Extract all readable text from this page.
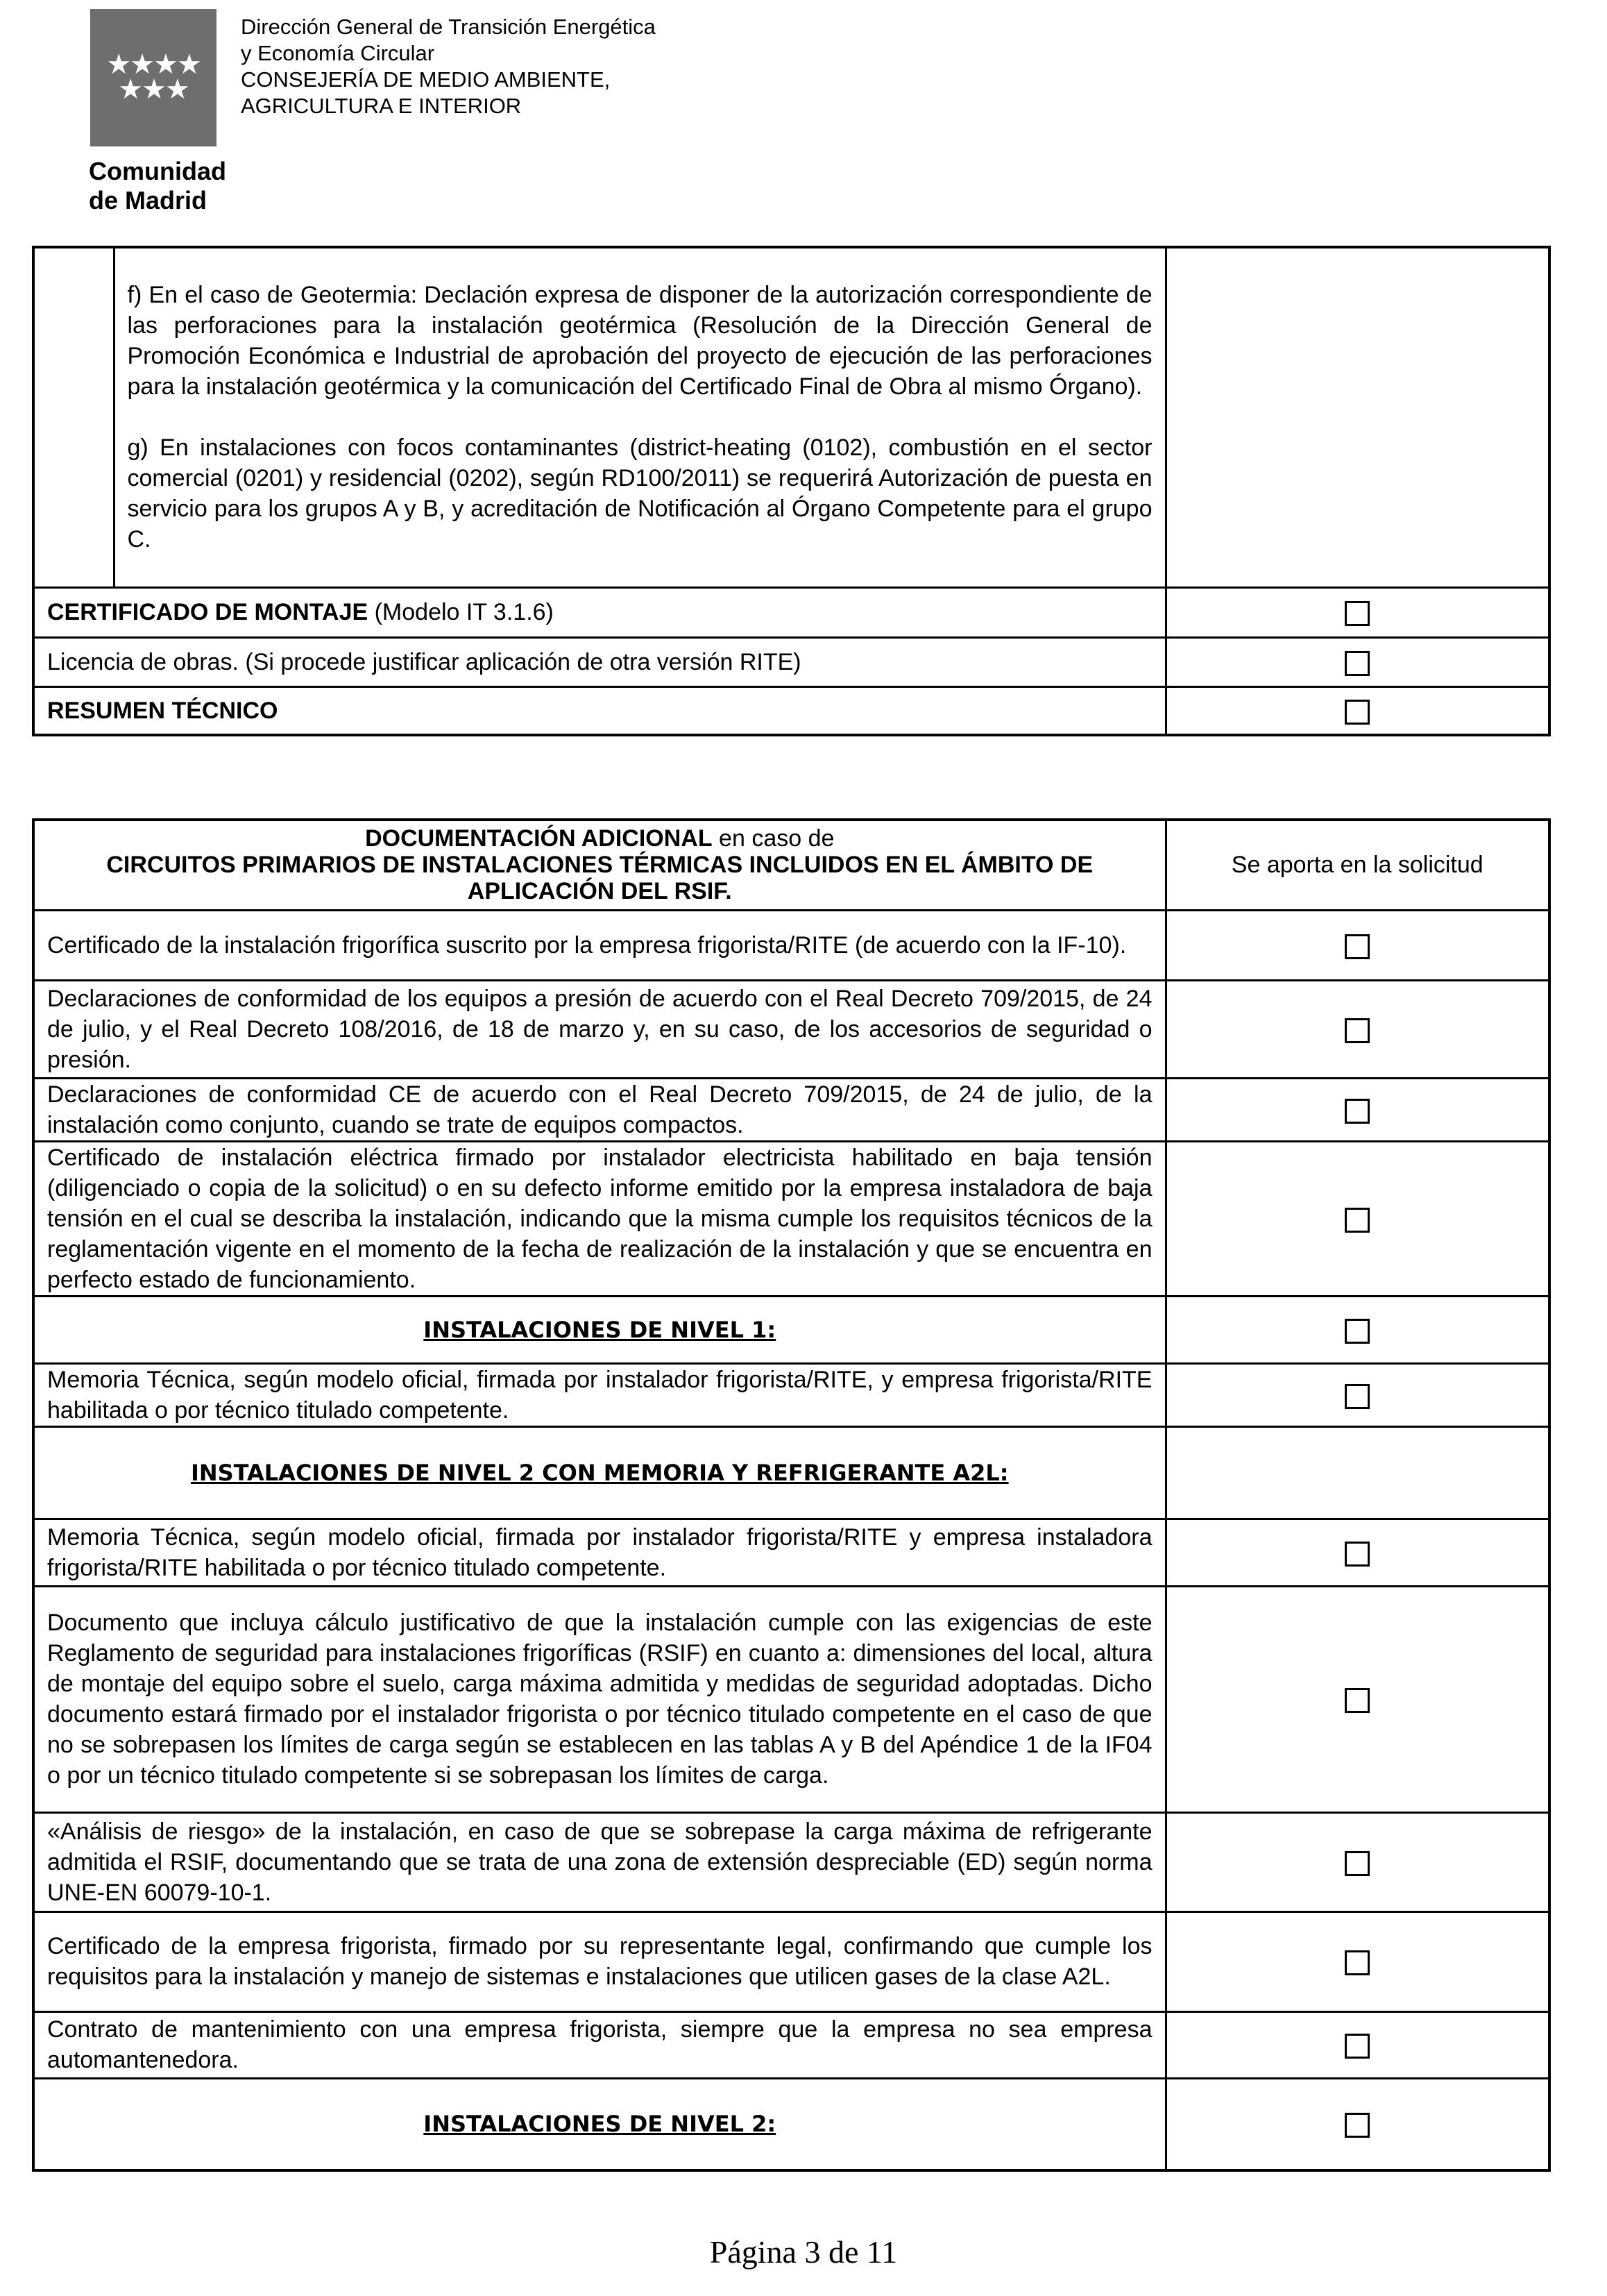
★★★★
★★★
Comunidad
de Madrid
Dirección General de Transición Energética
y Economía Circular
CONSEJERÍA DE MEDIO AMBIENTE,
AGRICULTURA E INTERIOR

	f) En el caso de Geotermia: Declación expresa de disponer de la autorización correspondiente de las perforaciones para la instalación geotérmica (Resolución de la Dirección General de Promoción Económica e Industrial de aprobación del proyecto de ejecución de las perforaciones para la instalación geotérmica y la comunicación del Certificado Final de Obra al mismo Órgano).

g) En instalaciones con focos contaminantes (district-heating (0102), combustión en el sector comercial (0201) y residencial (0202), según RD100/2011) se requerirá Autorización de puesta en servicio para los grupos A y B, y acreditación de Notificación al Órgano Competente para el grupo C.	

CERTIFICADO DE MONTAJE (Modelo IT 3.1.6)		
Licencia de obras. (Si procede justificar aplicación de otra versión RITE)		
RESUMEN TÉCNICO		
DOCUMENTACIÓN ADICIONAL en caso de
CIRCUITOS PRIMARIOS DE INSTALACIONES TÉRMICAS INCLUIDOS EN EL ÁMBITO DE APLICACIÓN DEL RSIF.	Se aporta en la solicitud
Certificado de la instalación frigorífica suscrito por la empresa frigorista/RITE (de acuerdo con la IF-10).	
Declaraciones de conformidad de los equipos a presión de acuerdo con el Real Decreto 709/2015, de 24 de julio, y el Real Decreto 108/2016, de 18 de marzo y, en su caso, de los accesorios de seguridad o presión.	
Declaraciones de conformidad CE de acuerdo con el Real Decreto 709/2015, de 24 de julio, de la instalación como conjunto, cuando se trate de equipos compactos.	
Certificado de instalación eléctrica firmado por instalador electricista habilitado en baja tensión (diligenciado o copia de la solicitud) o en su defecto informe emitido por la empresa instaladora de baja tensión en el cual se describa la instalación, indicando que la misma cumple los requisitos técnicos de la reglamentación vigente en el momento de la fecha de realización de la instalación y que se encuentra en perfecto estado de funcionamiento.	
INSTALACIONES DE NIVEL 1:	
Memoria Técnica, según modelo oficial, firmada por instalador frigorista/RITE, y empresa frigorista/RITE habilitada o por técnico titulado competente.	
INSTALACIONES DE NIVEL 2 CON MEMORIA Y REFRIGERANTE A2L:	
Memoria Técnica, según modelo oficial, firmada por instalador frigorista/RITE y empresa instaladora frigorista/RITE habilitada o por técnico titulado competente.	
Documento que incluya cálculo justificativo de que la instalación cumple con las exigencias de este Reglamento de seguridad para instalaciones frigoríficas (RSIF) en cuanto a: dimensiones del local, altura de montaje del equipo sobre el suelo, carga máxima admitida y medidas de seguridad adoptadas. Dicho documento estará firmado por el instalador frigorista o por técnico titulado competente en el caso de que no se sobrepasen los límites de carga según se establecen en las tablas A y B del Apéndice 1 de la IF04 o por un técnico titulado competente si se sobrepasan los límites de carga.	
«Análisis de riesgo» de la instalación, en caso de que se sobrepase la carga máxima de refrigerante admitida el RSIF, documentando que se trata de una zona de extensión despreciable (ED) según norma UNE-EN 60079-10-1.	
Certificado de la empresa frigorista, firmado por su representante legal, confirmando que cumple los requisitos para la instalación y manejo de sistemas e instalaciones que utilicen gases de la clase A2L.	
Contrato de mantenimiento con una empresa frigorista, siempre que la empresa no sea empresa automantenedora.	
INSTALACIONES DE NIVEL 2:	
Página 3 de 11
